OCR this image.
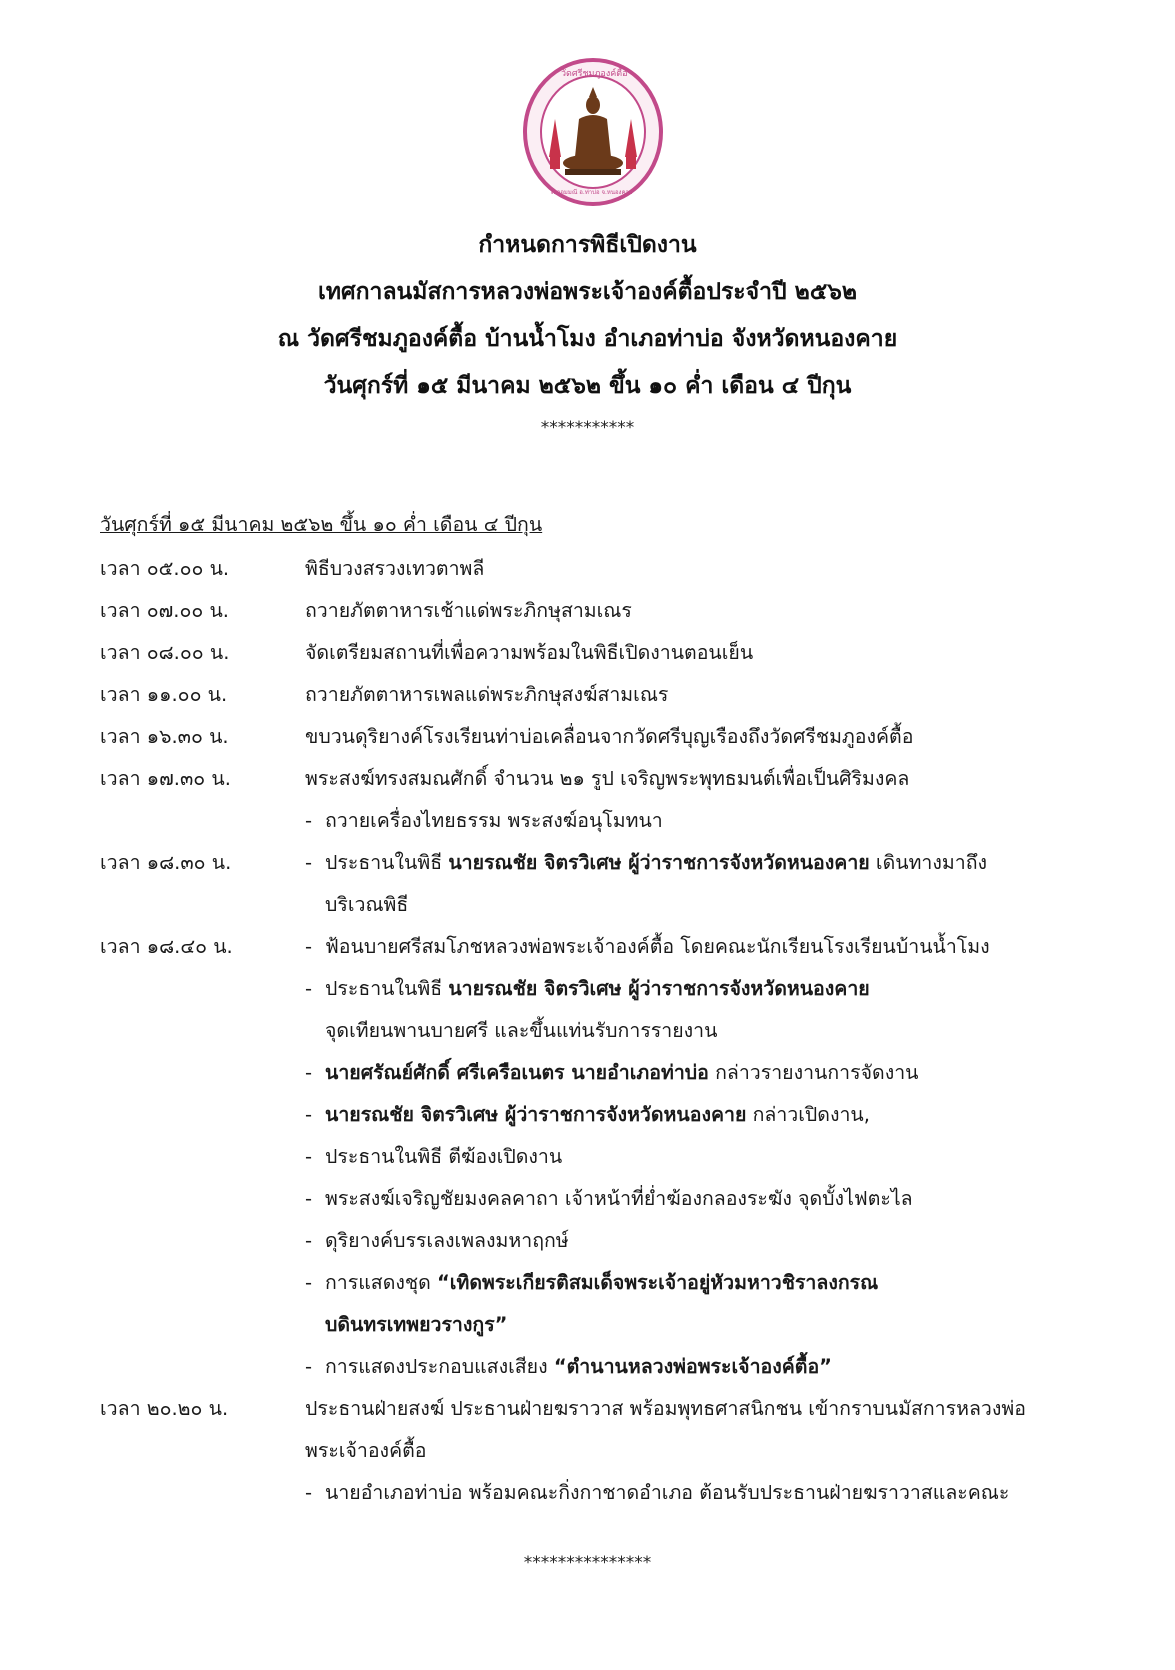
วัดศรีชมภูองค์ตื้อ
ต.จอมมณี อ.ท่าบ่อ จ.หนองคาย
กำหนดการพิธีเปิดงาน
เทศกาลนมัสการหลวงพ่อพระเจ้าองค์ตื้อประจำปี ๒๕๖๒
ณ วัดศรีชมภูองค์ตื้อ บ้านน้ำโมง อำเภอท่าบ่อ จังหวัดหนองคาย
วันศุกร์ที่ ๑๕ มีนาคม ๒๕๖๒ ขึ้น ๑๐ ค่ำ เดือน ๔ ปีกุน
***********
วันศุกร์ที่ ๑๕ มีนาคม ๒๕๖๒ ขึ้น ๑๐ ค่ำ เดือน ๔ ปีกุน
เวลา ๐๕.๐๐ น.	พิธีบวงสรวงเทวตาพลี
เวลา ๐๗.๐๐ น.	ถวายภัตตาหารเช้าแด่พระภิกษุสามเณร
เวลา ๐๘.๐๐ น.	จัดเตรียมสถานที่เพื่อความพร้อมในพิธีเปิดงานตอนเย็น
เวลา ๑๑.๐๐ น.	ถวายภัตตาหารเพลแด่พระภิกษุสงฆ์สามเณร
เวลา ๑๖.๓๐ น.	ขบวนดุริยางค์โรงเรียนท่าบ่อเคลื่อนจากวัดศรีบุญเรืองถึงวัดศรีชมภูองค์ตื้อ
เวลา ๑๗.๓๐ น.	พระสงฆ์ทรงสมณศักดิ์ จำนวน ๒๑ รูป เจริญพระพุทธมนต์เพื่อเป็นศิริมงคล
- ถวายเครื่องไทยธรรม พระสงฆ์อนุโมทนา
เวลา ๑๘.๓๐ น.	- ประธานในพิธี นายรณชัย จิตรวิเศษ ผู้ว่าราชการจังหวัดหนองคาย เดินทางมาถึง
บริเวณพิธี
เวลา ๑๘.๔๐ น.	- ฟ้อนบายศรีสมโภชหลวงพ่อพระเจ้าองค์ตื้อ โดยคณะนักเรียนโรงเรียนบ้านน้ำโมง
- ประธานในพิธี นายรณชัย จิตรวิเศษ ผู้ว่าราชการจังหวัดหนองคาย
จุดเทียนพานบายศรี และขึ้นแท่นรับการรายงาน
- นายศรัณย์ศักดิ์ ศรีเครือเนตร นายอำเภอท่าบ่อ กล่าวรายงานการจัดงาน
- นายรณชัย จิตรวิเศษ ผู้ว่าราชการจังหวัดหนองคาย กล่าวเปิดงาน,
- ประธานในพิธี ตีฆ้องเปิดงาน
- พระสงฆ์เจริญชัยมงคลคาถา เจ้าหน้าที่ย่ำฆ้องกลองระฆัง จุดบั้งไฟตะไล
- ดุริยางค์บรรเลงเพลงมหาฤกษ์
- การแสดงชุด “เทิดพระเกียรติสมเด็จพระเจ้าอยู่หัวมหาวชิราลงกรณ
บดินทรเทพยวรางกูร”
- การแสดงประกอบแสงเสียง “ตำนานหลวงพ่อพระเจ้าองค์ตื้อ”
เวลา ๒๐.๒๐ น.	ประธานฝ่ายสงฆ์ ประธานฝ่ายฆราวาส พร้อมพุทธศาสนิกชน เข้ากราบนมัสการหลวงพ่อ
พระเจ้าองค์ตื้อ
- นายอำเภอท่าบ่อ พร้อมคณะกิ่งกาชาดอำเภอ ต้อนรับประธานฝ่ายฆราวาสและคณะ
***************
